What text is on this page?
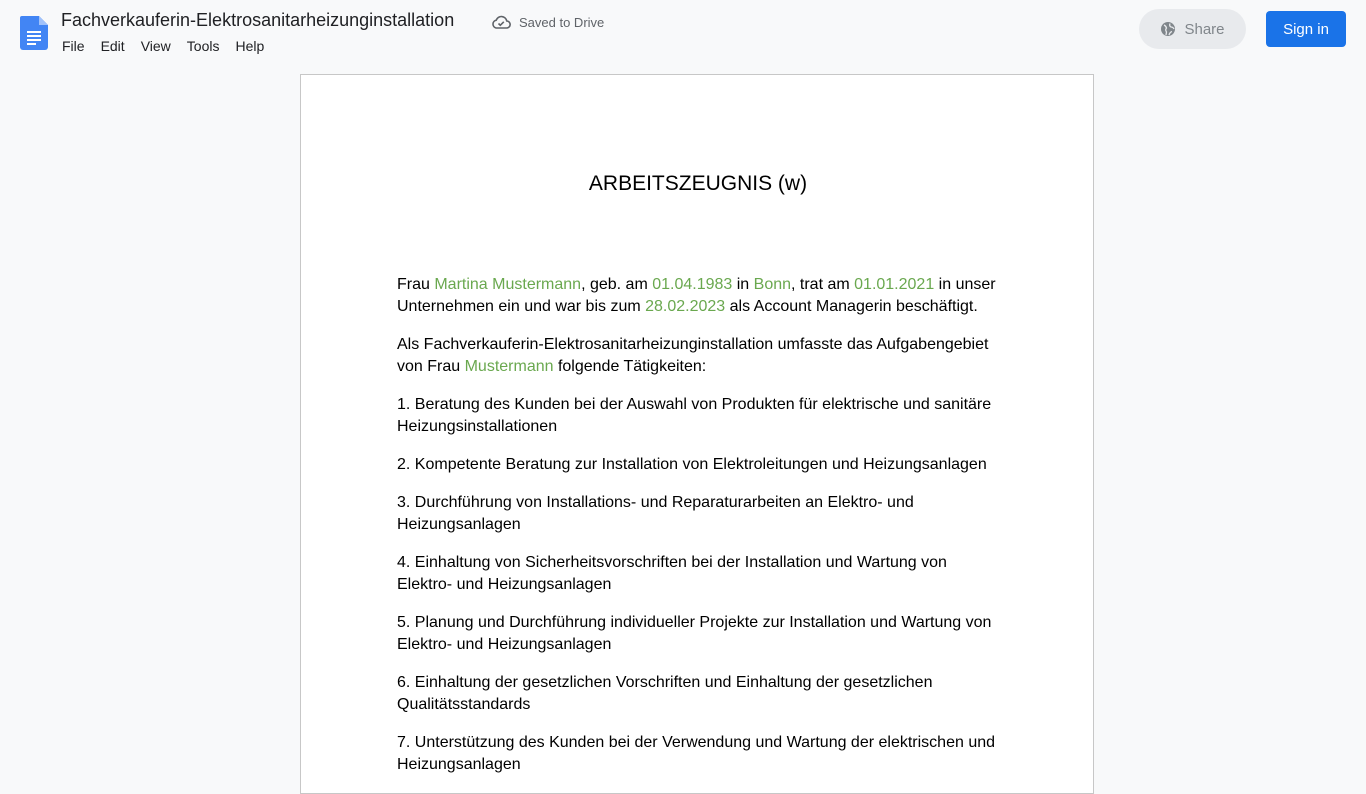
Fachverkauferin-Elektrosanitarheizunginstallation	Saved to Drive
File Edit View Tools Help
Share	Sign in
ARBEITSZEUGNIS (w)

Frau Martina Mustermann, geb. am 01.04.1983 in Bonn, trat am 01.01.2021 in unser Unternehmen ein und war bis zum 28.02.2023 als Account Managerin beschäftigt.

Als Fachverkauferin-Elektrosanitarheizunginstallation umfasste das Aufgabengebiet von Frau Mustermann folgende Tätigkeiten:

1. Beratung des Kunden bei der Auswahl von Produkten für elektrische und sanitäre Heizungsinstallationen

2. Kompetente Beratung zur Installation von Elektroleitungen und Heizungsanlagen

3. Durchführung von Installations- und Reparaturarbeiten an Elektro- und Heizungsanlagen

4. Einhaltung von Sicherheitsvorschriften bei der Installation und Wartung von Elektro- und Heizungsanlagen

5. Planung und Durchführung individueller Projekte zur Installation und Wartung von Elektro- und Heizungsanlagen

6. Einhaltung der gesetzlichen Vorschriften und Einhaltung der gesetzlichen Qualitätsstandards

7. Unterstützung des Kunden bei der Verwendung und Wartung der elektrischen und Heizungsanlagen
